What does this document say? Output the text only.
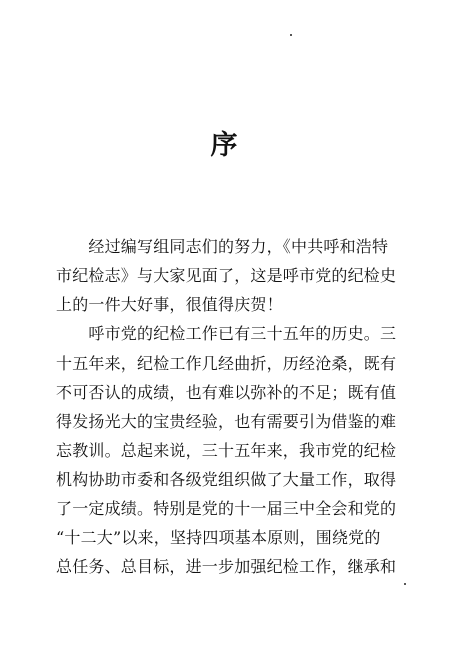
序
　　经过编写组同志们的努力，《中共呼和浩特
市纪检志》与大家见面了，这是呼市党的纪检史
上的一件大好事，很值得庆贺！
　　呼市党的纪检工作已有三十五年的历史。三
十五年来，纪检工作几经曲折，历经沧桑，既有
不可否认的成绩，也有难以弥补的不足；既有值
得发扬光大的宝贵经验，也有需要引为借鉴的难
忘教训。总起来说，三十五年来，我市党的纪检
机构协助市委和各级党组织做了大量工作，取得
了一定成绩。特别是党的十一届三中全会和党的
“十二大”以来，坚持四项基本原则，围绕党的
总任务、总目标，进一步加强纪检工作，继承和
